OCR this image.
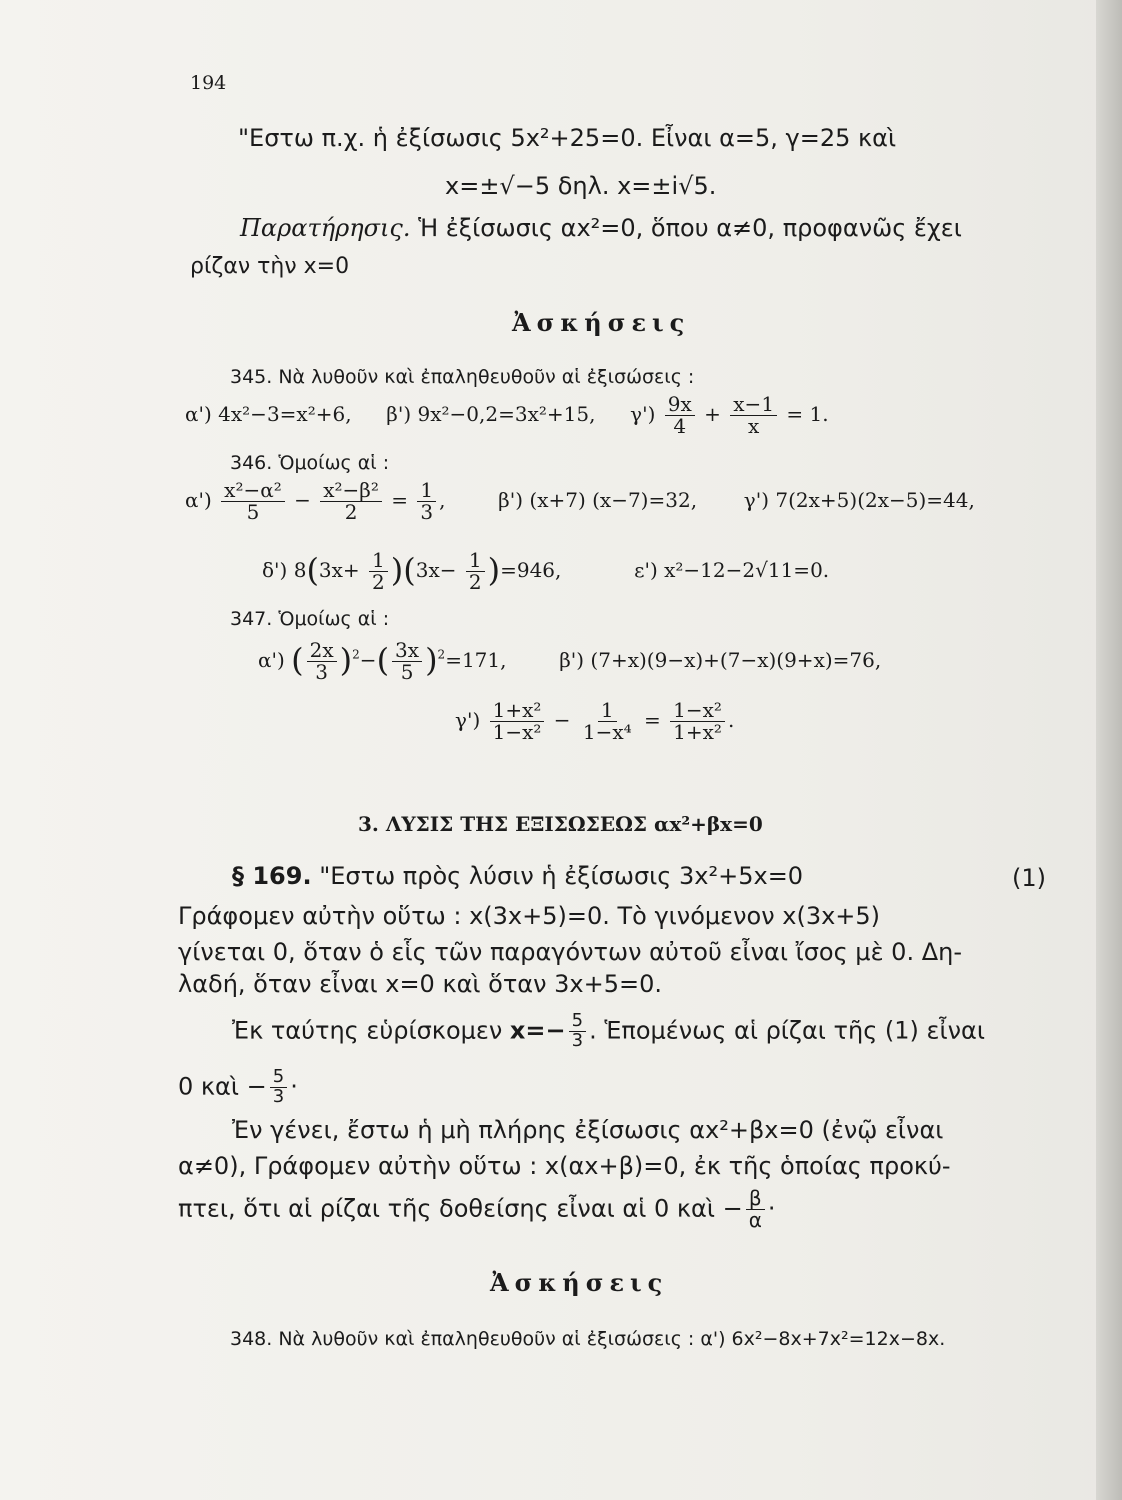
194
"Εστω π.χ. ἡ ἐξίσωσις 5x²+25=0. Εἶναι α=5, γ=25 καὶ
x=±√−5 δηλ. x=±i√5.
Παρατήρησις. Ἡ ἐξίσωσις αx²=0, ὅπου α≠0, προφανῶς ἔχει
ρίζαν τὴν x=0
Ἀσκήσεις
345. Νὰ λυθοῦν καὶ ἐπαληθευθοῦν αἱ ἐξισώσεις :
α') 4x²−3=x²+6, β') 9x²−0,2=3x²+15, $\gamma') \frac{9x}{4} + \frac{x-1}{x} = 1$.
346. Ὁμοίως αἱ :
$\alpha') \frac{\text{x²−α²}}{5} - \frac{\text{x²−β²}}{2} = \frac{1}{3}$ ,  β') (x+7) (x−7)=32, γ') 7(2x+5)(2x−5)=44,
δ') $8(3x+ \frac{1}{2} )(3x- \frac{1}{2} )=946$,	ε') x²−12−2√11=0.
347. Ὁμοίως αἱ :
α') ( $\frac{2x}{3} )^2-( \frac{3x}{5} )^2=171$,	β') (7+x)(9−x)+(7−x)(9+x)=76,
$\gamma') \frac{\text{1+x²}}{\text{1−x²}} - \frac{1}{\text{1−x⁴}} = \frac{\text{1−x²}}{\text{1+x²}}$ .
3. ΛΥΣΙΣ ΤΗΣ ΕΞΙΣΩΣΕΩΣ αx²+βx=0
§ 169. "Εστω πρὸς λύσιν ἡ ἐξίσωσις 3x²+5x=0	(1)
Γράφομεν αὐτὴν οὕτω : x(3x+5)=0. Τὸ γινόμενον x(3x+5)
γίνεται 0, ὅταν ὁ εἷς τῶν παραγόντων αὐτοῦ εἶναι ἴσος μὲ 0. Δη-
λαδή, ὅταν εἶναι x=0 καὶ ὅταν 3x+5=0.
Ἐκ ταύτης εὑρίσκομεν $x=- \frac{5}{3}$ . Ἑπομένως αἱ ρίζαι τῆς (1) εἶναι
0 καὶ − $\frac{5}{3}$ ·
Ἐν γένει, ἔστω ἡ μὴ πλήρης ἐξίσωσις αx²+βx=0 (ἐνῷ εἶναι
α≠0), Γράφομεν αὐτὴν οὕτω : x(αx+β)=0, ἐκ τῆς ὁποίας προκύ-
πτει, ὅτι αἱ ρίζαι τῆς δοθείσης εἶναι αἱ 0 καὶ − $\frac{\beta}{\alpha}$ ·
Ἀσκήσεις
348. Νὰ λυθοῦν καὶ ἐπαληθευθοῦν αἱ ἐξισώσεις : α') 6x²−8x+7x²=12x−8x.
